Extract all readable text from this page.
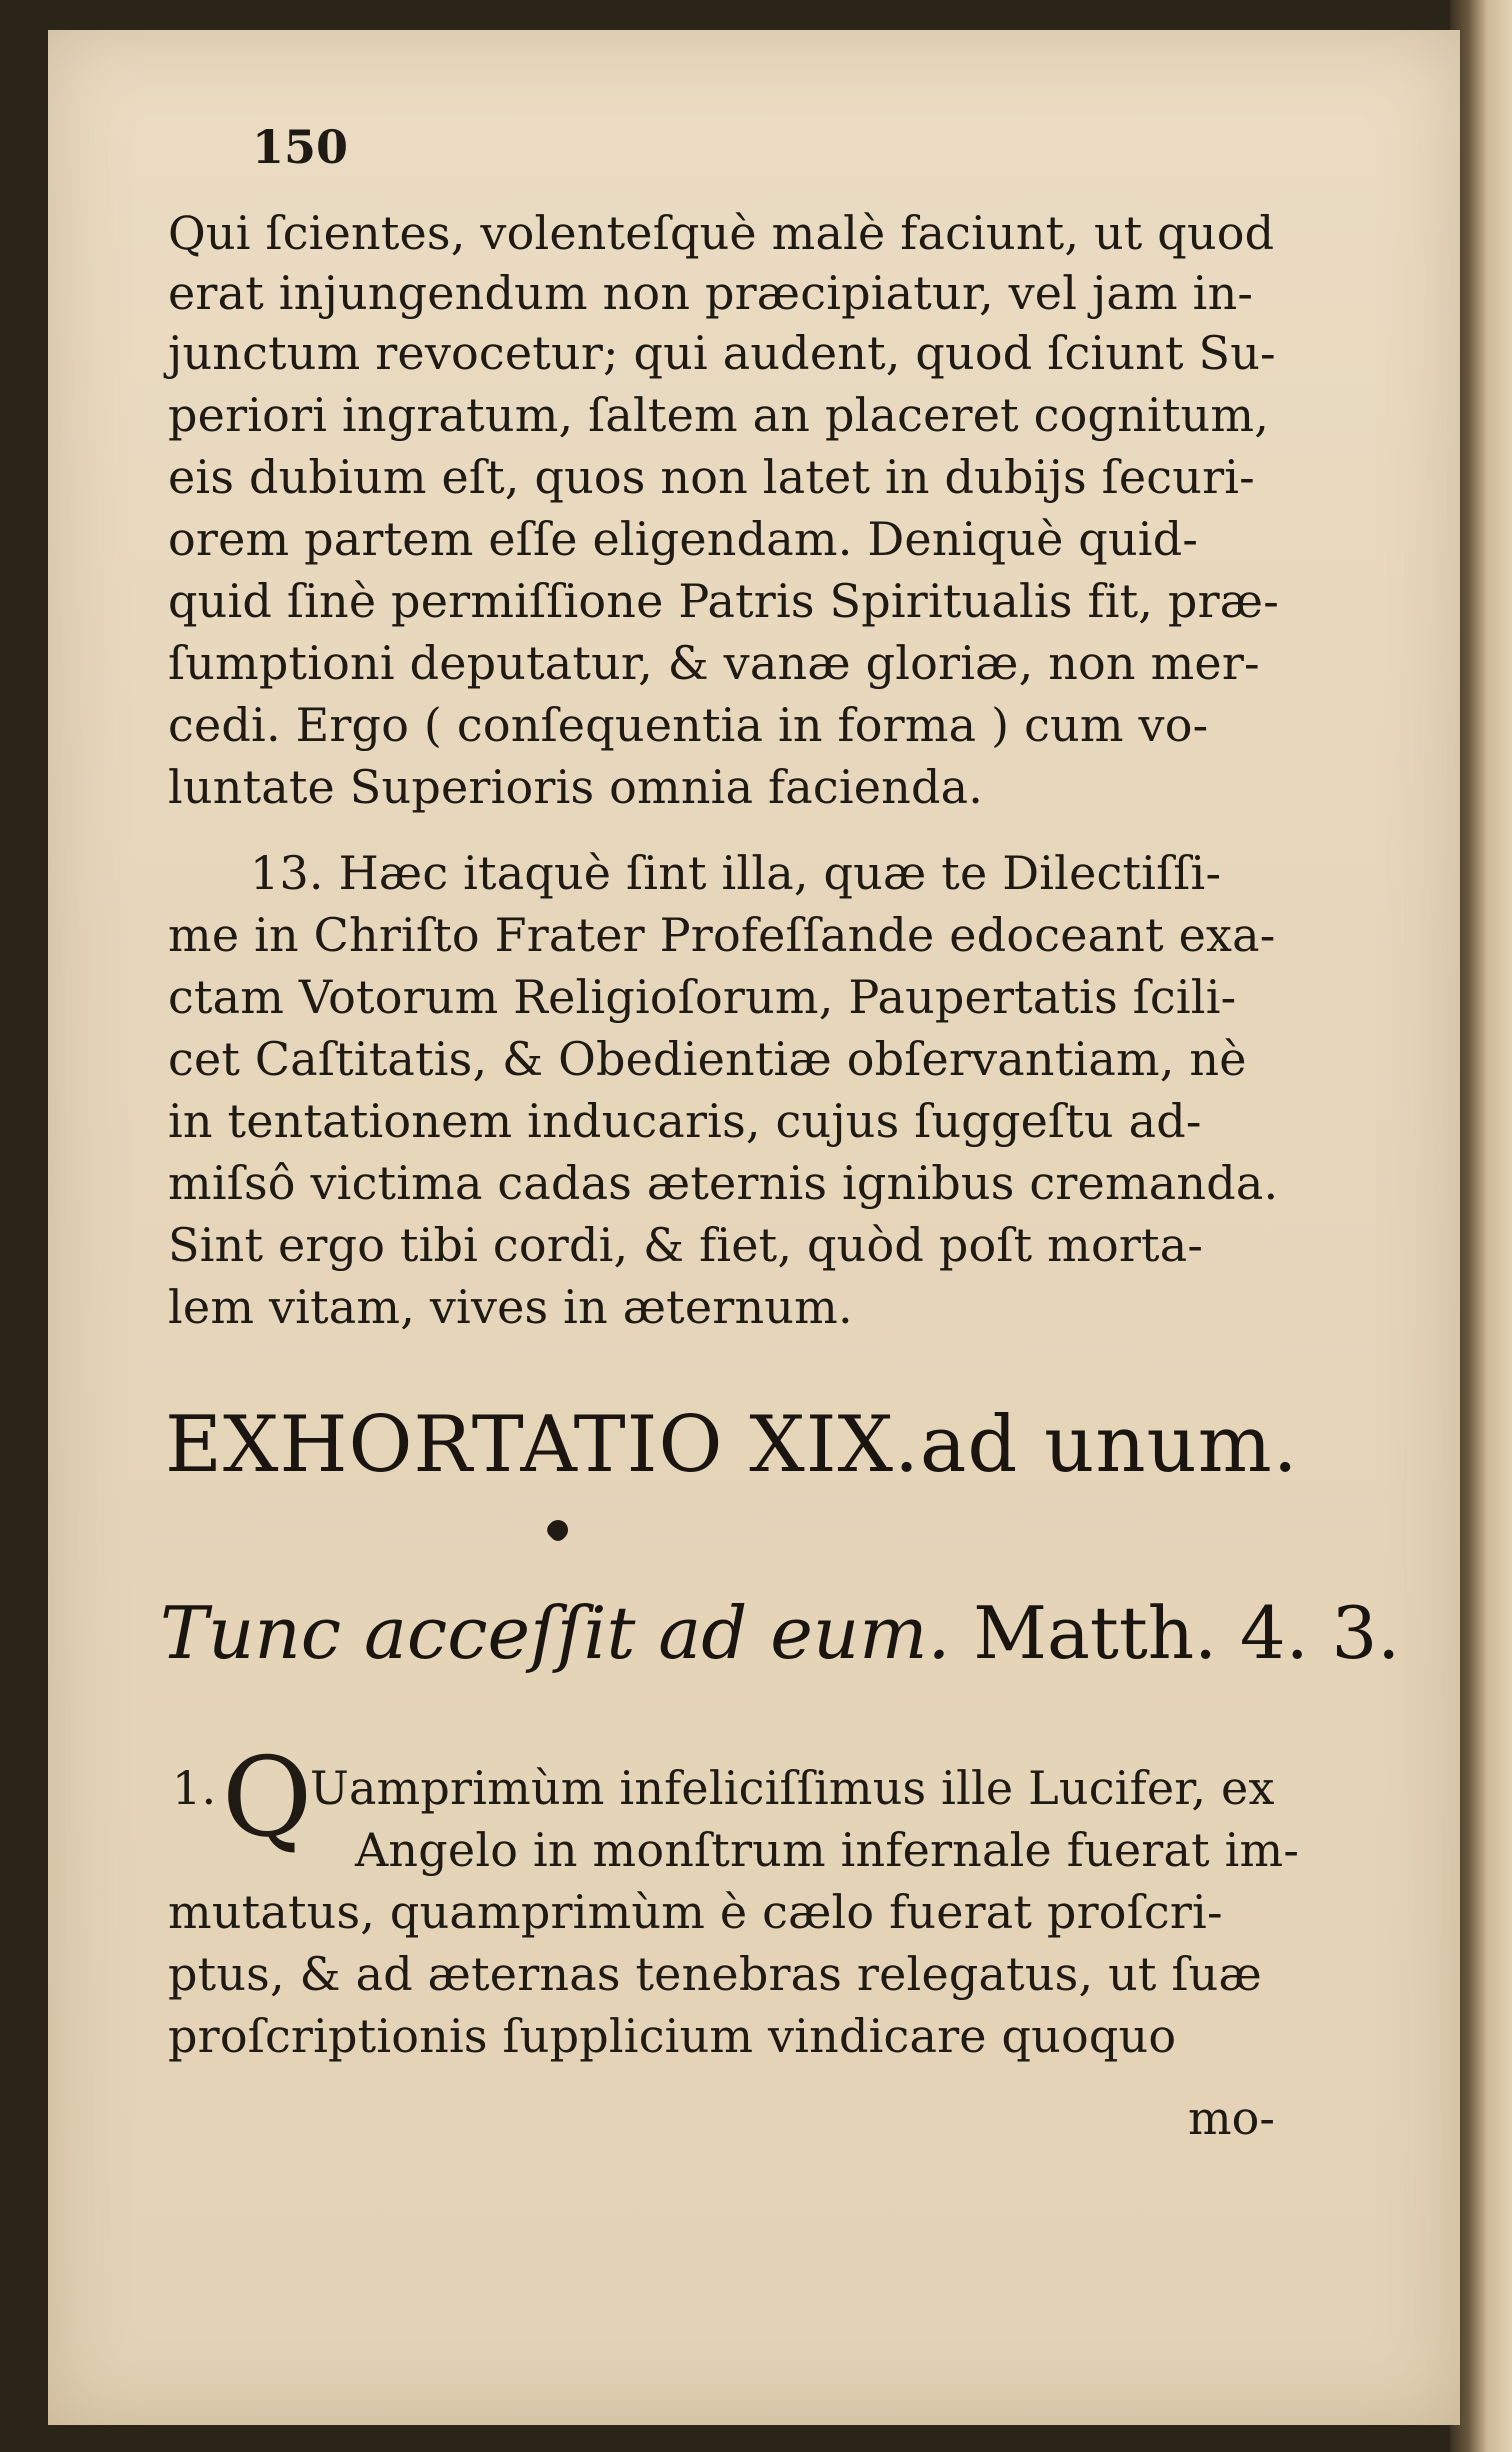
150
Qui ſcientes, volenteſquè malè faciunt, ut quod
erat injungendum non præcipiatur, vel jam in-
junctum revocetur; qui audent, quod ſciunt Su-
periori ingratum, ſaltem an placeret cognitum,
eis dubium eſt, quos non latet in dubijs ſecuri-
orem partem eſſe eligendam. Deniquè quid-
quid ſinè permiſſione Patris Spiritualis fit, præ-
ſumptioni deputatur, & vanæ gloriæ, non mer-
cedi. Ergo ( conſequentia in forma ) cum vo-
luntate Superioris omnia facienda.
13. Hæc itaquè ſint illa, quæ te Dilectiſſi-
me in Chriſto Frater Profeſſande edoceant exa-
ctam Votorum Religioſorum, Paupertatis ſcili-
cet Caſtitatis, & Obedientiæ obſervantiam, nè
in tentationem inducaris, cujus ſuggeſtu ad-
miſsô victima cadas æternis ignibus cremanda.
Sint ergo tibi cordi, & fiet, quòd poſt morta-
lem vitam, vives in æternum.
EXHORTATIO XIX.ad unum.
Tunc acceſſit ad eum. Matth. 4. 3.
1. Q
Uamprimùm infeliciſſimus ille Lucifer, ex
Angelo in monſtrum infernale fuerat im-
mutatus, quamprimùm è cælo fuerat proſcri-
ptus, & ad æternas tenebras relegatus, ut ſuæ
proſcriptionis ſupplicium vindicare quoquo
mo-
